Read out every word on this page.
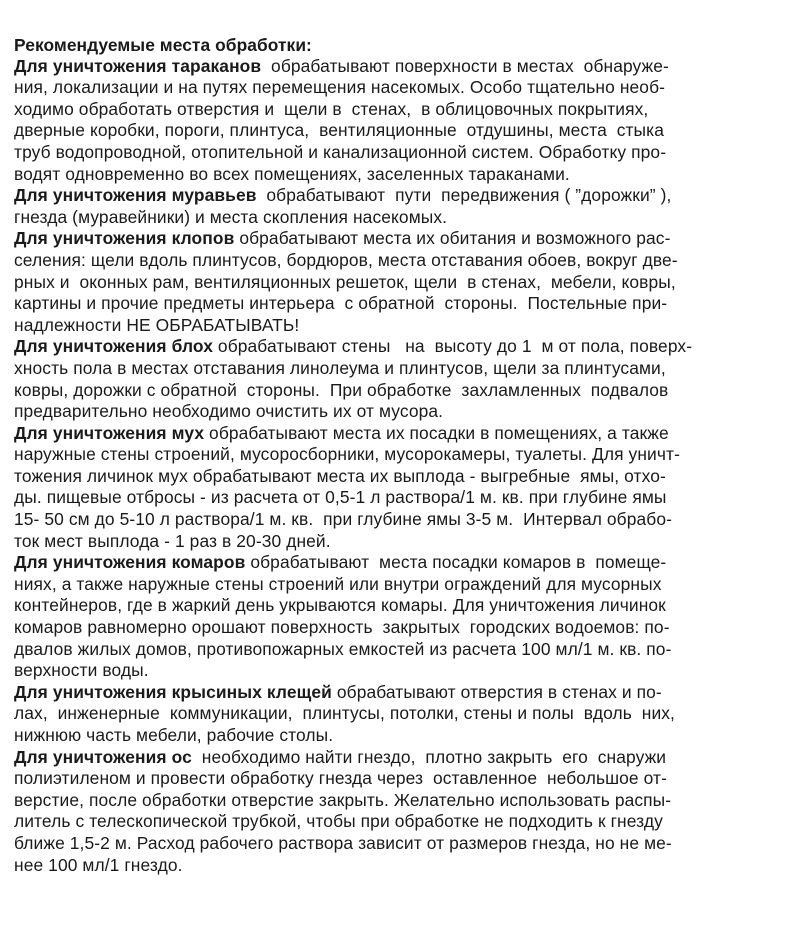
Рекомендуемые места обработки:
Для уничтожения тараканов  обрабатывают поверхности в местах  обнаруже-
ния, локализации и на путях перемещения насекомых. Особо тщательно необ-
ходимо обработать отверстия и  щели в  стенах,  в облицовочных покрытиях,
дверные коробки, пороги, плинтуса,  вентиляционные  отдушины, места  стыка
труб водопроводной, отопительной и канализационной систем. Обработку про-
водят одновременно во всех помещениях, заселенных тараканами.
Для уничтожения муравьев  обрабатывают  пути  передвижения ( ”дорожки” ),
гнезда (муравейники) и места скопления насекомых.
Для уничтожения клопов обрабатывают места их обитания и возможного рас-
селения: щели вдоль плинтусов, бордюров, места отставания обоев, вокруг две-
рных и  оконных рам, вентиляционных решеток, щели  в стенах,  мебели, ковры,
картины и прочие предметы интерьера  с обратной  стороны.  Постельные при-
надлежности НЕ ОБРАБАТЫВАТЬ!
Для уничтожения блох обрабатывают стены   на  высоту до 1  м от пола, поверх-
хность пола в местах отставания линолеума и плинтусов, щели за плинтусами,
ковры, дорожки с обратной  стороны.  При обработке  захламленных  подвалов
предварительно необходимо очистить их от мусора.
Для уничтожения мух обрабатывают места их посадки в помещениях, а также
наружные стены строений, мусоросборники, мусорокамеры, туалеты. Для уничт-
тожения личинок мух обрабатывают места их выплода - выгребные  ямы, отхо-
ды. пищевые отбросы - из расчета от 0,5-1 л раствора/1 м. кв. при глубине ямы
15- 50 см до 5-10 л раствора/1 м. кв.  при глубине ямы 3-5 м.  Интервал обрабо-
ток мест выплода - 1 раз в 20-30 дней.
Для уничтожения комаров обрабатывают  места посадки комаров в  помеще-
ниях, а также наружные стены строений или внутри ограждений для мусорных
контейнеров, где в жаркий день укрываются комары. Для уничтожения личинок
комаров равномерно орошают поверхность  закрытых  городских водоемов: по-
двалов жилых домов, противопожарных емкостей из расчета 100 мл/1 м. кв. по-
верхности воды.
Для уничтожения крысиных клещей обрабатывают отверстия в стенах и по-
лах,  инженерные  коммуникации,  плинтусы, потолки, стены и полы  вдоль  них,
нижнюю часть мебели, рабочие столы.
Для уничтожения ос  необходимо найти гнездо,  плотно закрыть  его  снаружи
полиэтиленом и провести обработку гнезда через  оставленное  небольшое от-
верстие, после обработки отверстие закрыть. Желательно использовать распы-
литель с телескопической трубкой, чтобы при обработке не подходить к гнезду
ближе 1,5-2 м. Расход рабочего раствора зависит от размеров гнезда, но не ме-
нее 100 мл/1 гнездо.
